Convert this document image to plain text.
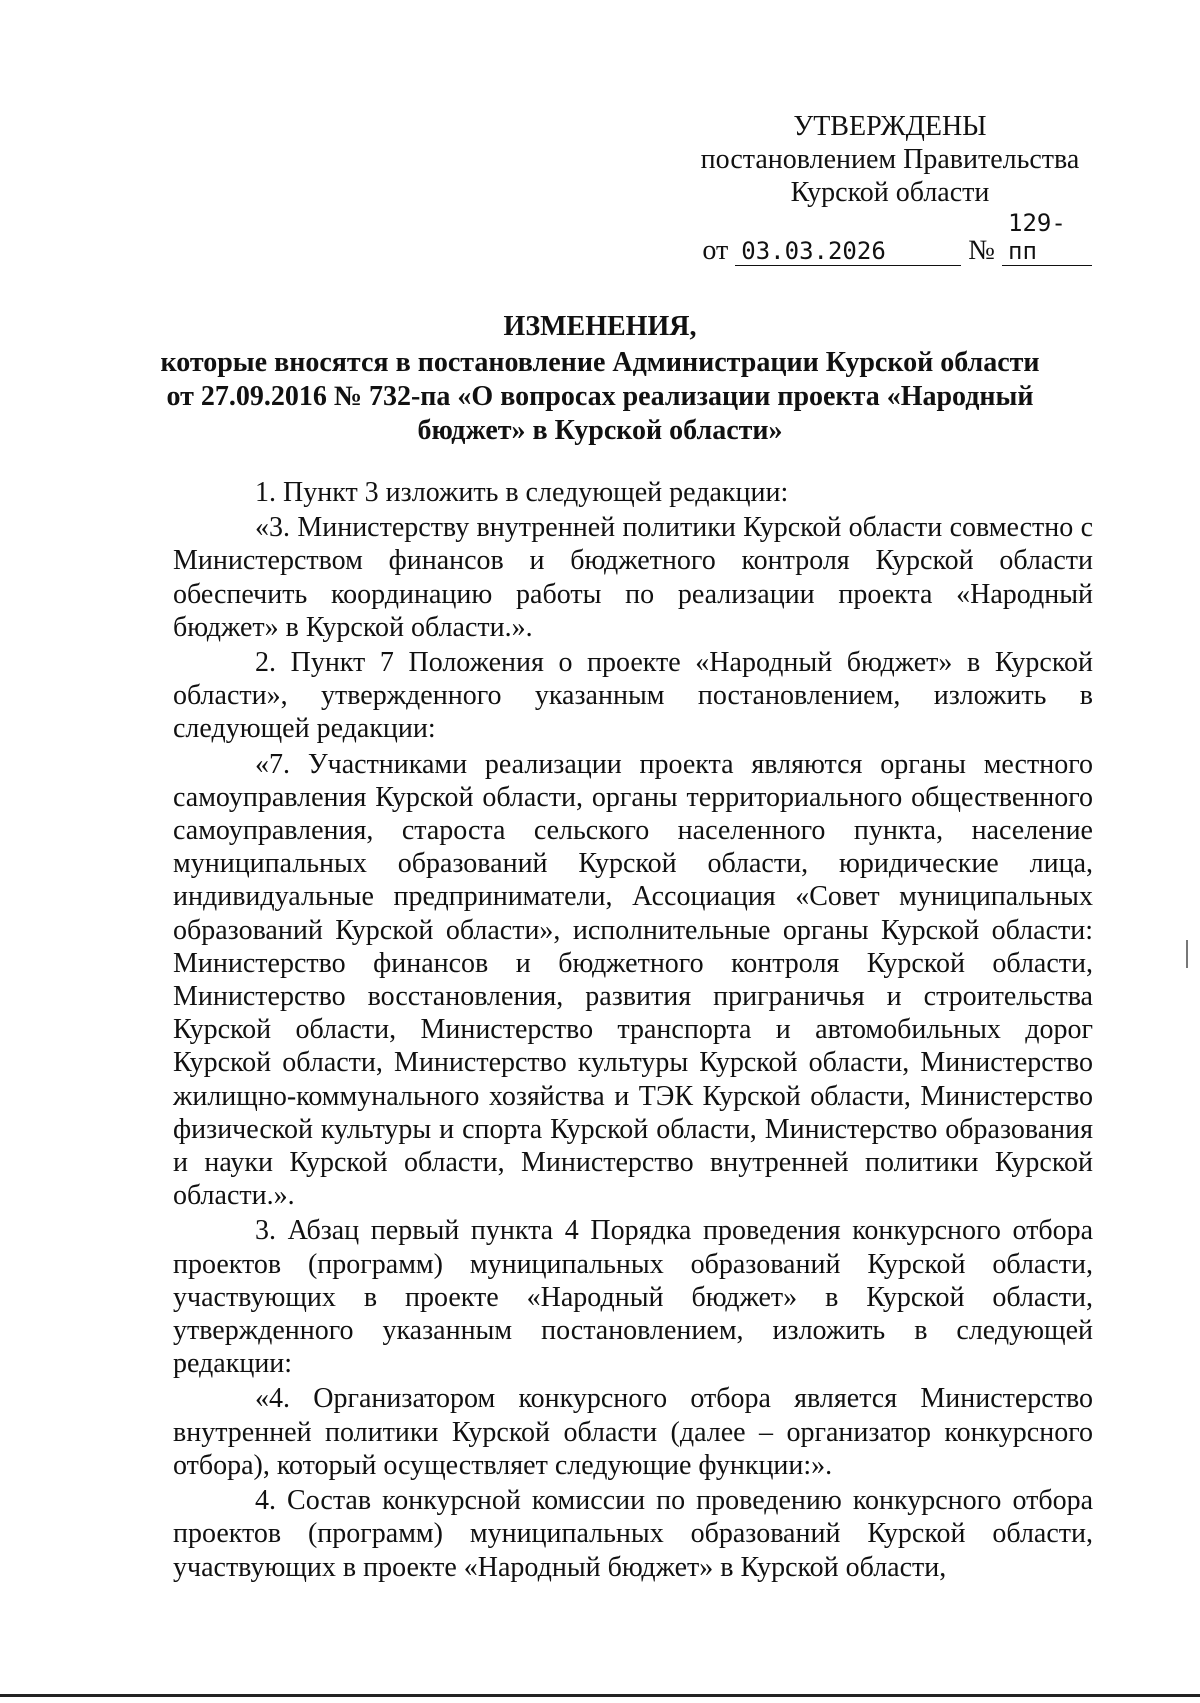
УТВЕРЖДЕНЫ
постановлением Правительства
Курской области
от 03.03.2026	№ 129-пп
ИЗМЕНЕНИЯ,
которые вносятся в постановление Администрации Курской области от 27.09.2016 № 732-па «О вопросах реализации проекта «Народный бюджет» в Курской области»

1. Пункт 3 изложить в следующей редакции:

«3. Министерству внутренней политики Курской области совместно с Министерством финансов и бюджетного контроля Курской области обеспечить координацию работы по реализации проекта «Народный бюджет» в Курской области.».

2. Пункт 7 Положения о проекте «Народный бюджет» в Курской области», утвержденного указанным постановлением, изложить в следующей редакции:

«7. Участниками реализации проекта являются органы местного самоуправления Курской области, органы территориального общественного самоуправления, староста сельского населенного пункта, население муниципальных образований Курской области, юридические лица, индивидуальные предприниматели, Ассоциация «Совет муниципальных образований Курской области», исполнительные органы Курской области: Министерство финансов и бюджетного контроля Курской области, Министерство восстановления, развития приграничья и строительства Курской области, Министерство транспорта и автомобильных дорог Курской области, Министерство культуры Курской области, Министерство жилищно-коммунального хозяйства и ТЭК Курской области, Министерство физической культуры и спорта Курской области, Министерство образования и науки Курской области, Министерство внутренней политики Курской области.».

3. Абзац первый пункта 4 Порядка проведения конкурсного отбора проектов (программ) муниципальных образований Курской области, участвующих в проекте «Народный бюджет» в Курской области, утвержденного указанным постановлением, изложить в следующей редакции:

«4. Организатором конкурсного отбора является Министерство внутренней политики Курской области (далее – организатор конкурсного отбора), который осуществляет следующие функции:».

4. Состав конкурсной комиссии по проведению конкурсного отбора проектов (программ) муниципальных образований Курской области, участвующих в проекте «Народный бюджет» в Курской области,
